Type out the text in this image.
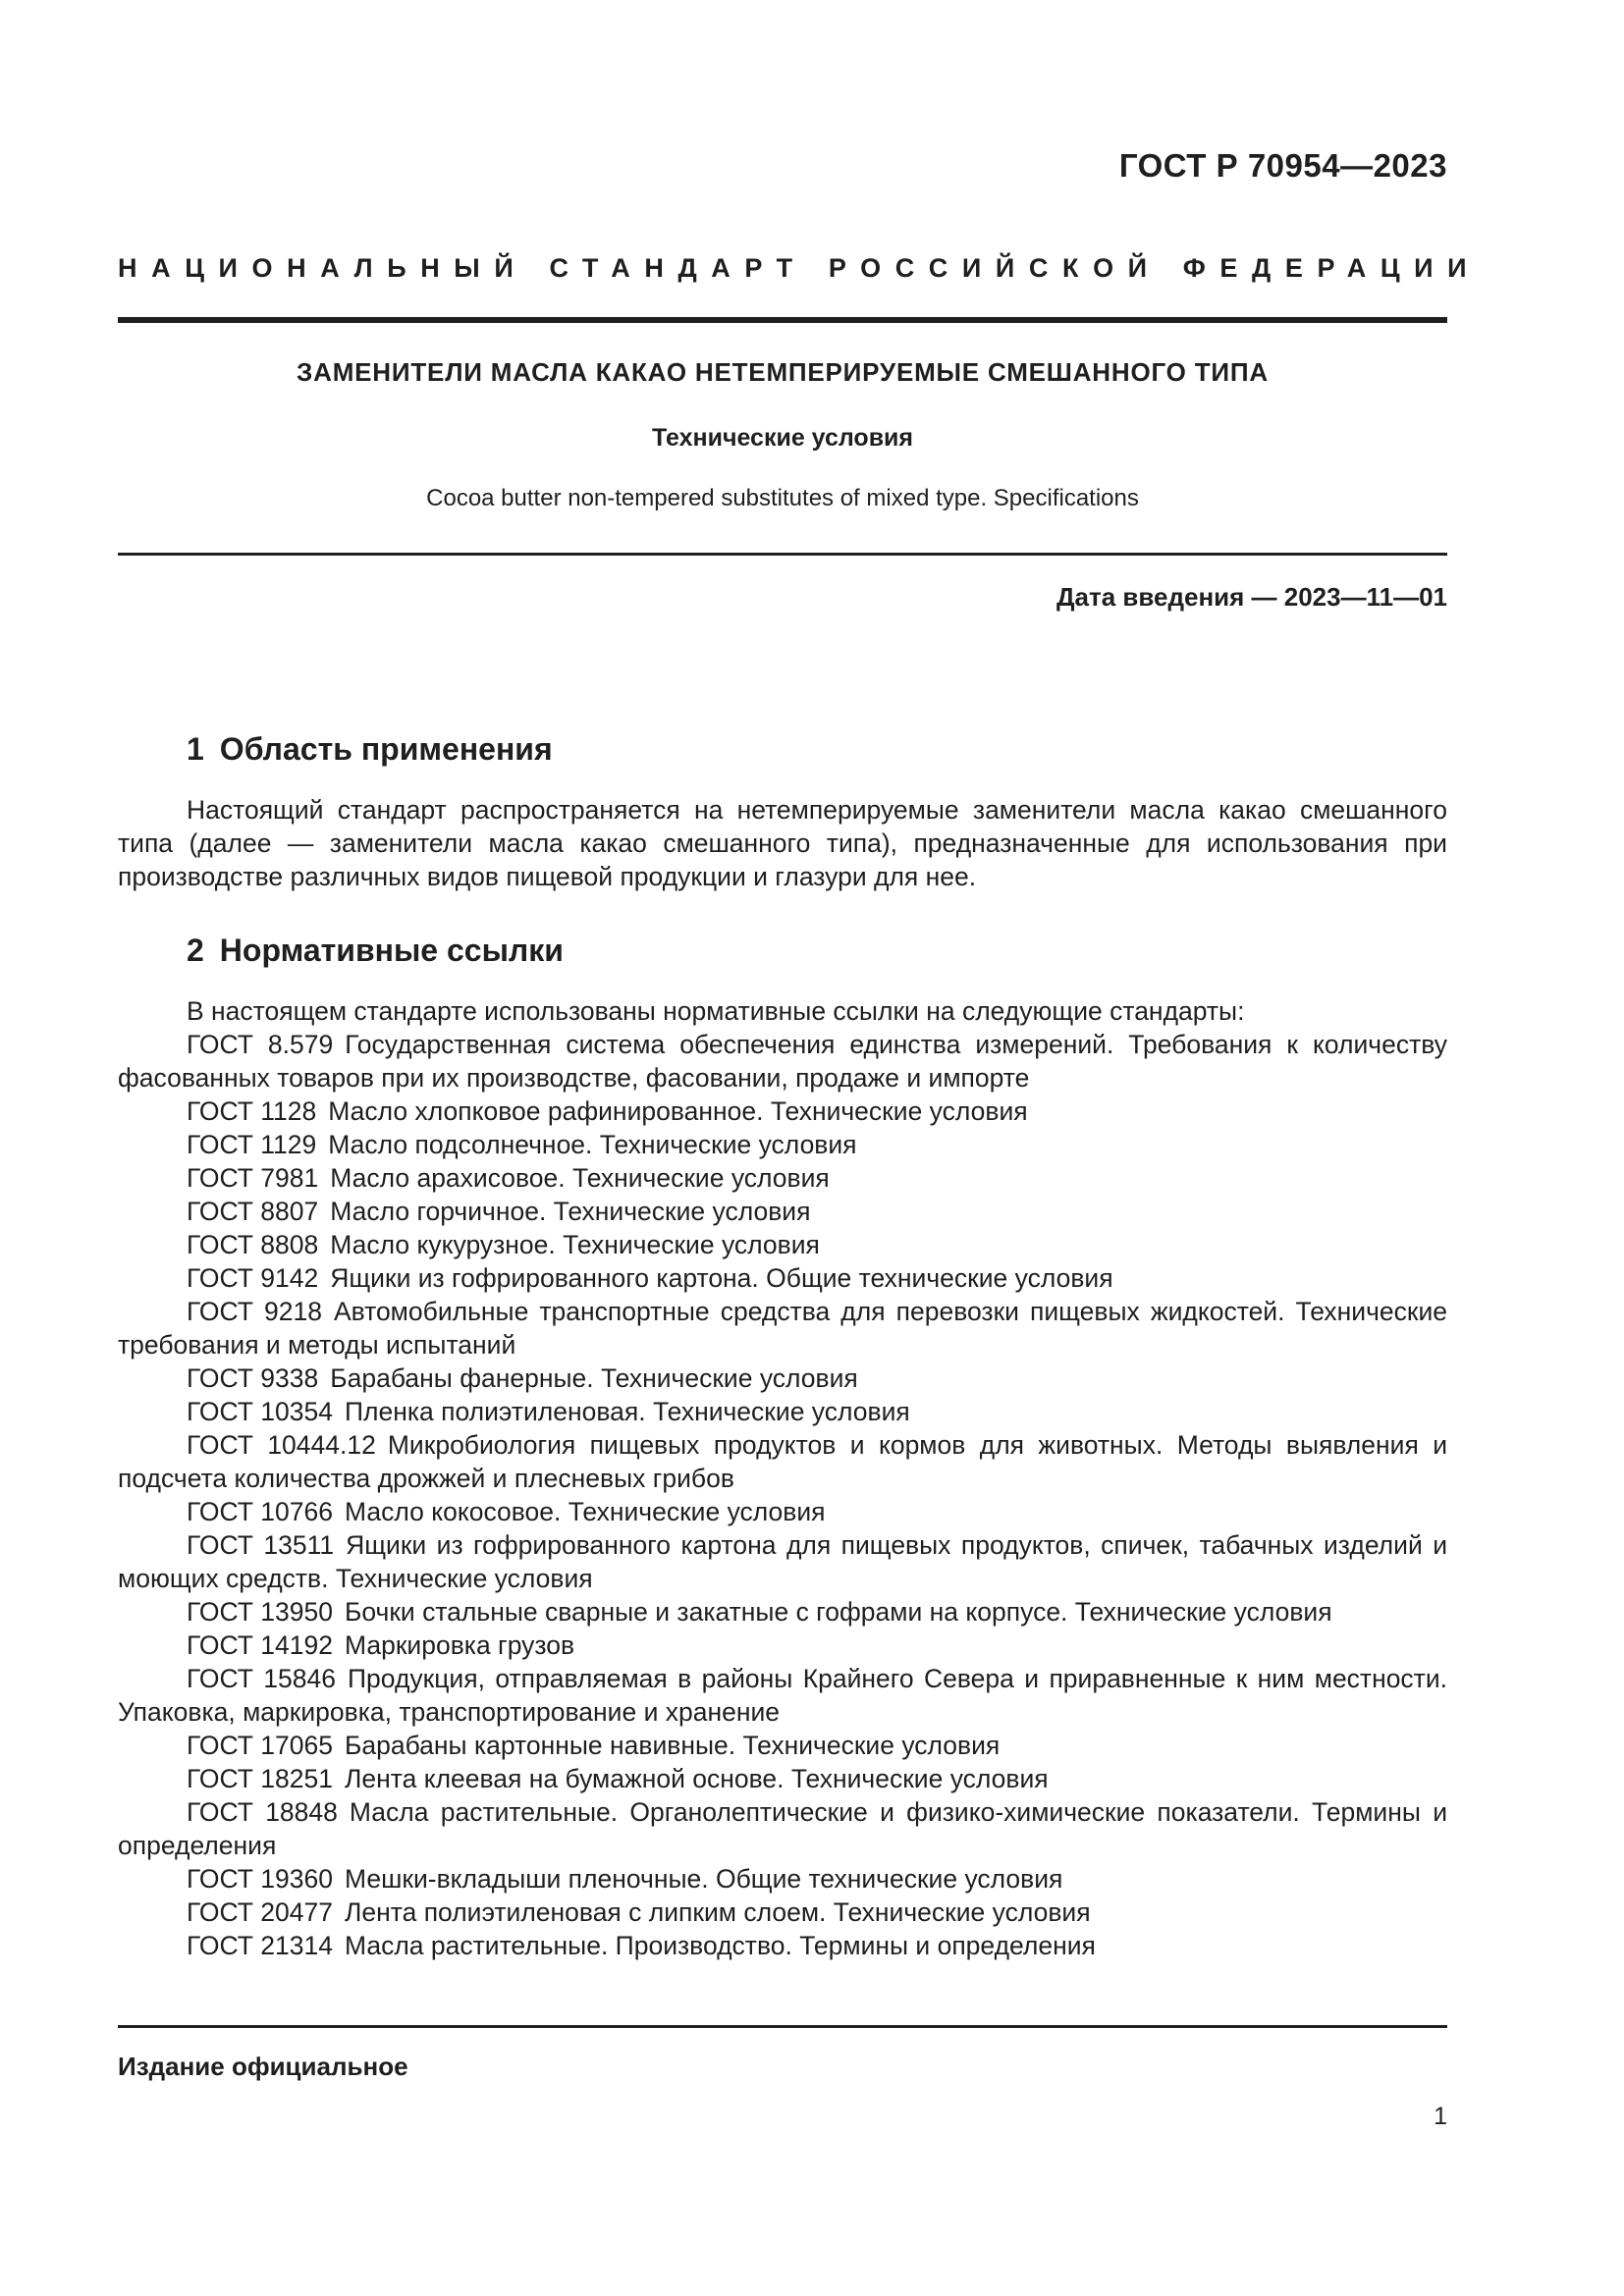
ГОСТ Р 70954—2023
НАЦИОНАЛЬНЫЙ СТАНДАРТ РОССИЙСКОЙ ФЕДЕРАЦИИ
ЗАМЕНИТЕЛИ МАСЛА КАКАО НЕТЕМПЕРИРУЕМЫЕ СМЕШАННОГО ТИПА
Технические условия
Cocoa butter non-tempered substitutes of mixed type. Specifications
Дата введения — 2023—11—01
1 Область применения

Настоящий стандарт распространяется на нетемперируемые заменители масла какао смешанного типа (далее — заменители масла какао смешанного типа), предназначенные для использования при производстве различных видов пищевой продукции и глазури для нее.

2 Нормативные ссылки

В настоящем стандарте использованы нормативные ссылки на следующие стандарты:

ГОСТ 8.579 Государственная система обеспечения единства измерений. Требования к количеству фасованных товаров при их производстве, фасовании, продаже и импорте

ГОСТ 1128 Масло хлопковое рафинированное. Технические условия

ГОСТ 1129 Масло подсолнечное. Технические условия

ГОСТ 7981 Масло арахисовое. Технические условия

ГОСТ 8807 Масло горчичное. Технические условия

ГОСТ 8808 Масло кукурузное. Технические условия

ГОСТ 9142 Ящики из гофрированного картона. Общие технические условия

ГОСТ 9218 Автомобильные транспортные средства для перевозки пищевых жидкостей. Технические требования и методы испытаний

ГОСТ 9338 Барабаны фанерные. Технические условия

ГОСТ 10354 Пленка полиэтиленовая. Технические условия

ГОСТ 10444.12 Микробиология пищевых продуктов и кормов для животных. Методы выявления и подсчета количества дрожжей и плесневых грибов

ГОСТ 10766 Масло кокосовое. Технические условия

ГОСТ 13511 Ящики из гофрированного картона для пищевых продуктов, спичек, табачных изделий и моющих средств. Технические условия

ГОСТ 13950 Бочки стальные сварные и закатные с гофрами на корпусе. Технические условия

ГОСТ 14192 Маркировка грузов

ГОСТ 15846 Продукция, отправляемая в районы Крайнего Севера и приравненные к ним местности. Упаковка, маркировка, транспортирование и хранение

ГОСТ 17065 Барабаны картонные навивные. Технические условия

ГОСТ 18251 Лента клеевая на бумажной основе. Технические условия

ГОСТ 18848 Масла растительные. Органолептические и физико-химические показатели. Термины и определения

ГОСТ 19360 Мешки-вкладыши пленочные. Общие технические условия

ГОСТ 20477 Лента полиэтиленовая с липким слоем. Технические условия

ГОСТ 21314 Масла растительные. Производство. Термины и определения

Издание официальное
1
